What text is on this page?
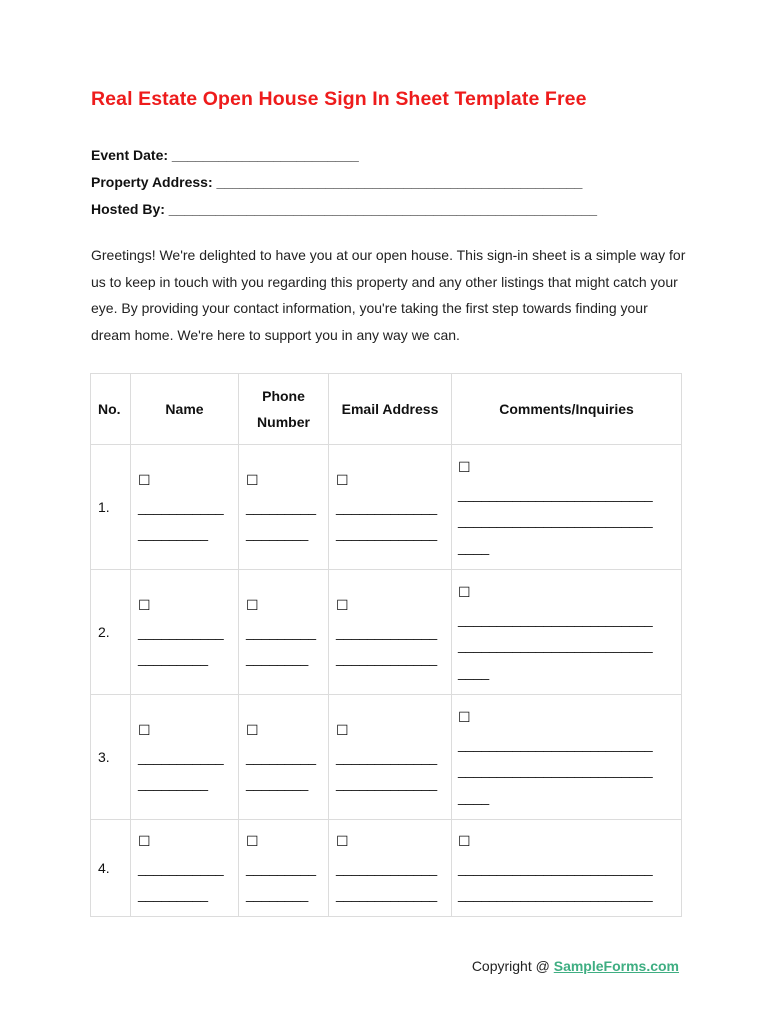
Real Estate Open House Sign In Sheet Template Free
Event Date: ________________________
Property Address: _______________________________________________
Hosted By: _______________________________________________________
Greetings! We're delighted to have you at our open house. This sign-in sheet is a simple way for us to keep in touch with you regarding this property and any other listings that might catch your eye. By providing your contact information, you're taking the first step towards finding your dream home. We're here to support you in any way we can.
No.	Name	Phone
Number	Email Address	Comments/Inquiries
1.	☐
___________
_________	☐
_________
________	☐
_____________
_____________	☐
_________________________
_________________________
____

2.	☐
___________
_________	☐
_________
________	☐
_____________
_____________	☐
_________________________
_________________________
____

3.	☐
___________
_________	☐
_________
________	☐
_____________
_____________	☐
_________________________
_________________________
____

4.	☐
___________
_________	☐
_________
________	☐
_____________
_____________	☐
_________________________
_________________________
Copyright @ SampleForms.com
